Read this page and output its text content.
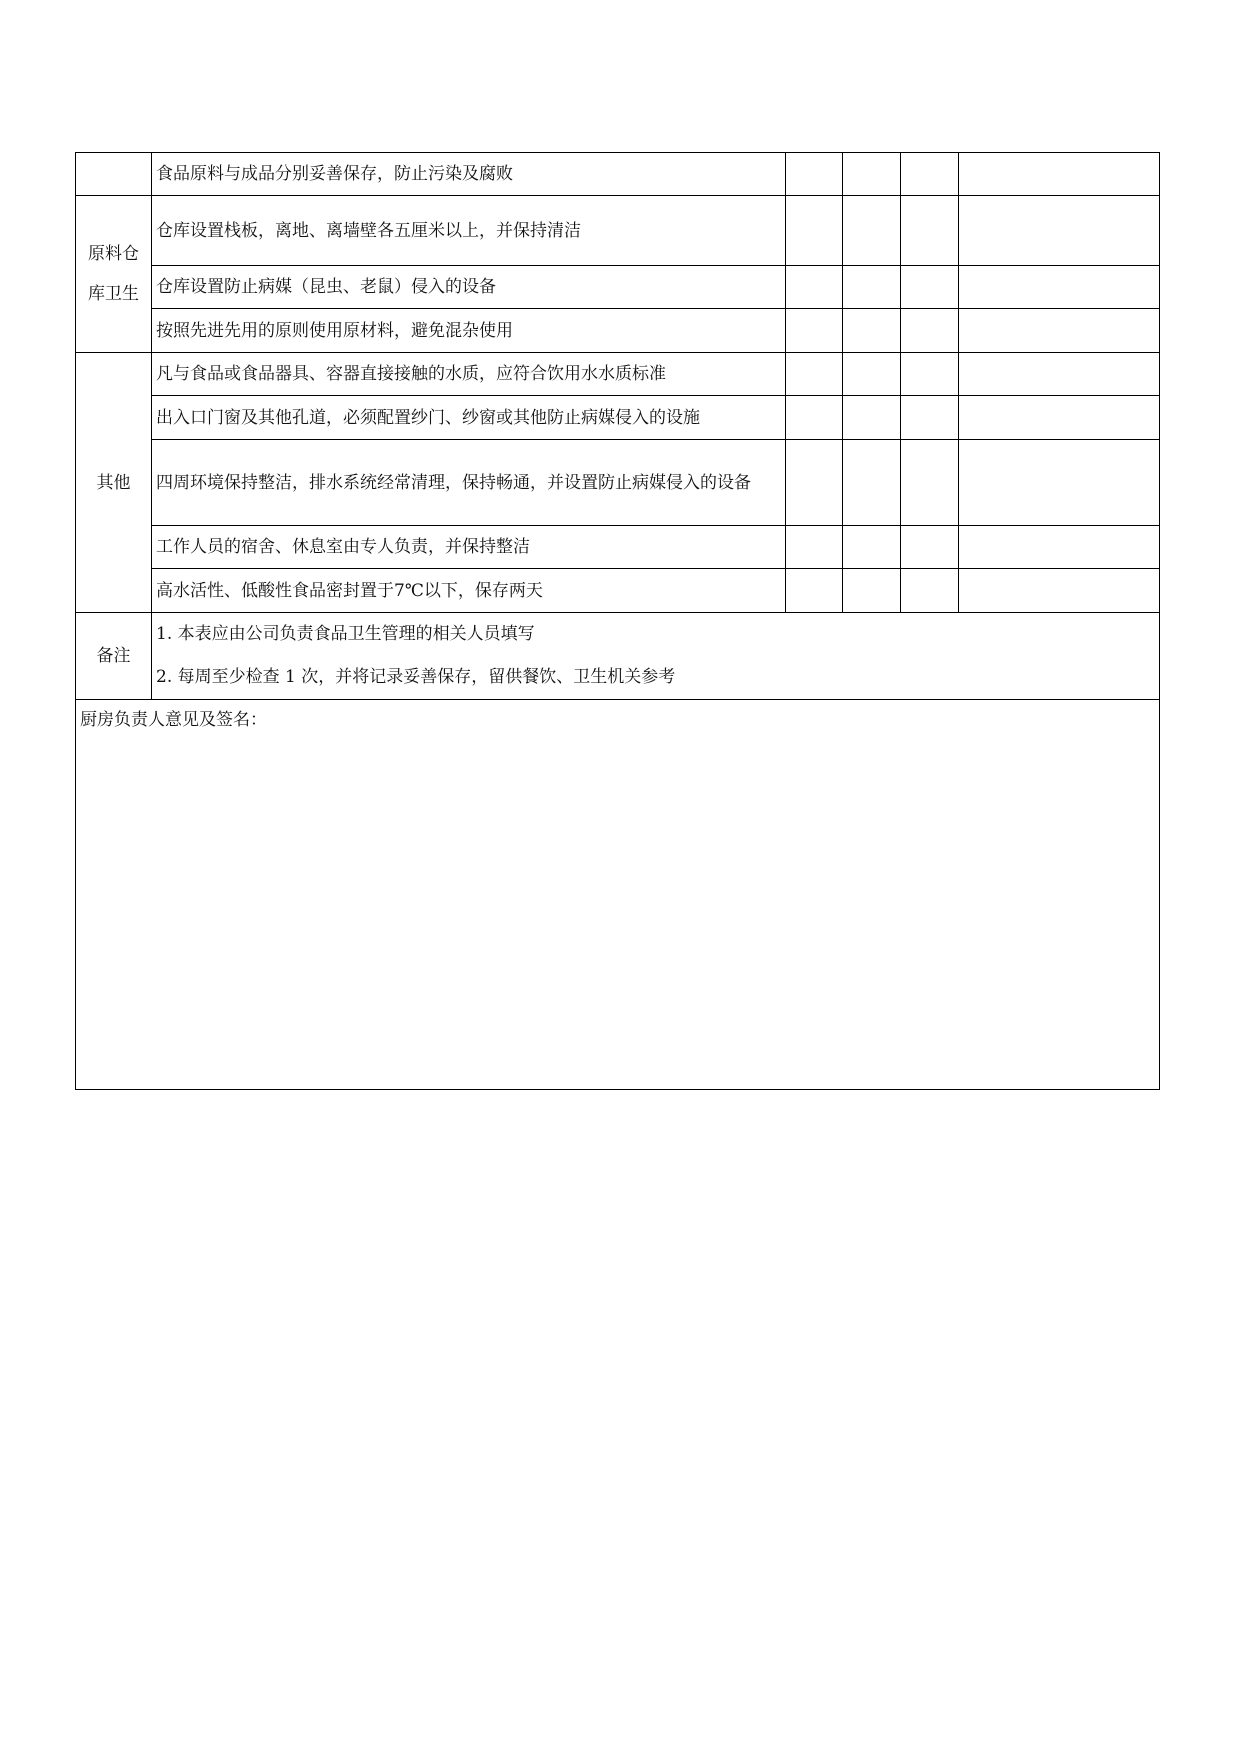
	食品原料与成品分别妥善保存，防止污染及腐败				
原料仓库卫生	仓库设置栈板，离地、离墙壁各五厘米以上，并保持清洁				
	仓库设置防止病媒（昆虫、老鼠）侵入的设备				
	按照先进先用的原则使用原材料，避免混杂使用				
其他	凡与食品或食品器具、容器直接接触的水质，应符合饮用水水质标准				
	出入口门窗及其他孔道，必须配置纱门、纱窗或其他防止病媒侵入的设施				
	四周环境保持整洁，排水系统经常清理，保持畅通，并设置防止病媒侵入的设备				
	工作人员的宿舍、休息室由专人负责，并保持整洁				
	高水活性、低酸性食品密封置于7℃以下，保存两天				
备注	1. 本表应由公司负责食品卫生管理的相关人员填写
2. 每周至少检查 1 次，并将记录妥善保存，留供餐饮、卫生机关参考				

厨房负责人意见及签名：					
